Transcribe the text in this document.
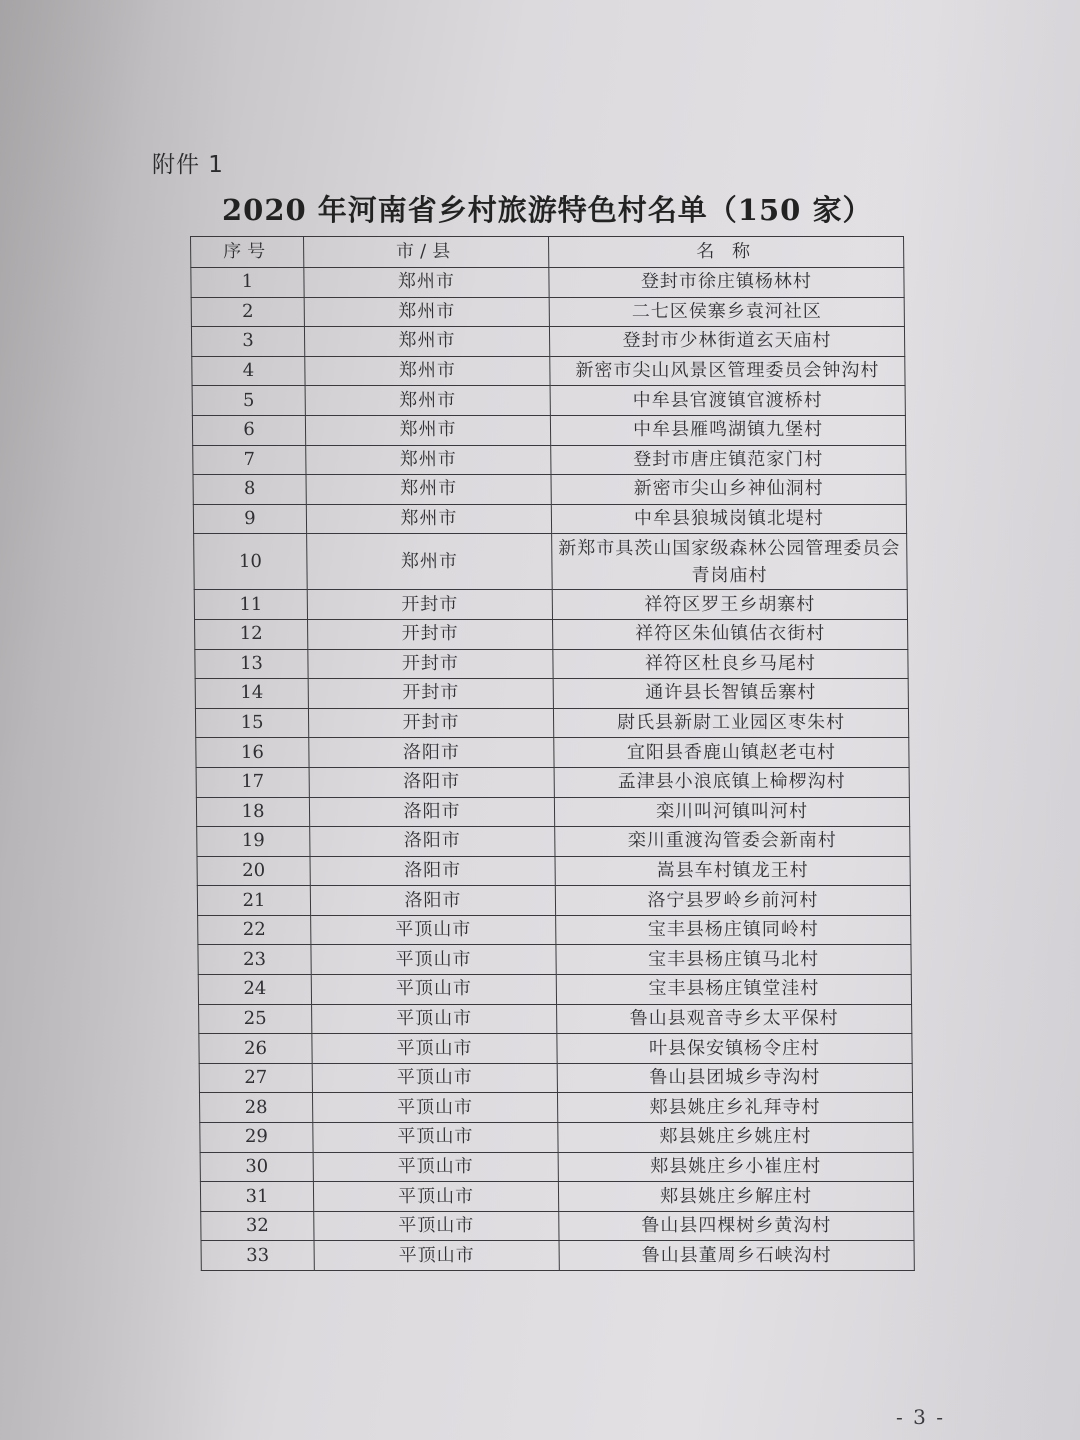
附件 1
2020 年河南省乡村旅游特色村名单（150 家）
序号	市/县	名 称
1	郑州市	登封市徐庄镇杨林村
2	郑州市	二七区侯寨乡袁河社区
3	郑州市	登封市少林街道玄天庙村
4	郑州市	新密市尖山风景区管理委员会钟沟村
5	郑州市	中牟县官渡镇官渡桥村
6	郑州市	中牟县雁鸣湖镇九堡村
7	郑州市	登封市唐庄镇范家门村
8	郑州市	新密市尖山乡神仙洞村
9	郑州市	中牟县狼城岗镇北堤村
10	郑州市	新郑市具茨山国家级森林公园管理委员会青岗庙村
11	开封市	祥符区罗王乡胡寨村
12	开封市	祥符区朱仙镇估衣街村
13	开封市	祥符区杜良乡马尾村
14	开封市	通许县长智镇岳寨村
15	开封市	尉氏县新尉工业园区枣朱村
16	洛阳市	宜阳县香鹿山镇赵老屯村
17	洛阳市	孟津县小浪底镇上椧椤沟村
18	洛阳市	栾川叫河镇叫河村
19	洛阳市	栾川重渡沟管委会新南村
20	洛阳市	嵩县车村镇龙王村
21	洛阳市	洛宁县罗岭乡前河村
22	平顶山市	宝丰县杨庄镇同岭村
23	平顶山市	宝丰县杨庄镇马北村
24	平顶山市	宝丰县杨庄镇堂洼村
25	平顶山市	鲁山县观音寺乡太平保村
26	平顶山市	叶县保安镇杨令庄村
27	平顶山市	鲁山县团城乡寺沟村
28	平顶山市	郏县姚庄乡礼拜寺村
29	平顶山市	郏县姚庄乡姚庄村
30	平顶山市	郏县姚庄乡小崔庄村
31	平顶山市	郏县姚庄乡解庄村
32	平顶山市	鲁山县四棵树乡黄沟村
33	平顶山市	鲁山县董周乡石峡沟村
- 3 -
